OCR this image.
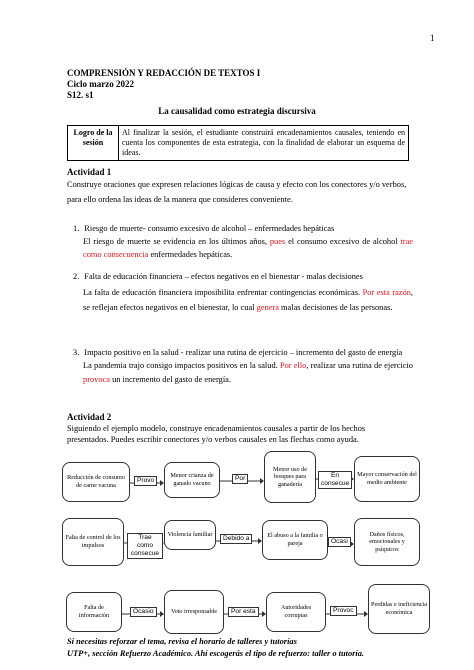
1
COMPRENSIÓN Y REDACCIÓN DE TEXTOS I
Ciclo marzo 2022
S12. s1
La causalidad como estrategia discursiva
Logro de la sesión	Al finalizar la sesión, el estudiante construirá encadenamientos causales, teniendo en cuenta los componentes de esta estrategia, con la finalidad de elaborar un esquema de ideas.
Actividad 1
Construye oraciones que expresen relaciones lógicas de causa y efecto con los conectores y/o verbos,
para ello ordena las ideas de la manera que consideres conveniente.
1. Riesgo de muerte- consumo excesivo de alcohol – enfermedades hepáticas
El riesgo de muerte se evidencia en los últimos años, pues el consumo excesivo de alcohol trae como consecuencia enfermedades hepáticas.
2. Falta de educación financiera – efectos negativos en el bienestar - malas decisiones
La falta de educación financiera imposibilita enfrentar contingencias económicas. Por esta razón, se reflejan efectos negativos en el bienestar, lo cual genera malas decisiones de las personas.
3. Impacto positivo en la salud - realizar una rutina de ejercicio – incremento del gasto de energía
La pandemia trajo consigo impactos positivos en la salud. Por ello, realizar una rutina de ejercicio provoca un incremento del gasto de energía.
Actividad 2
Siguiendo el ejemplo modelo, construye encadenamientos causales a partir de los hechos
presentados. Puedes escribir conectores y/o verbos causales en las flechas como ayuda.
Reducción de consumo de carne vacuna
Menor crianza de ganado vacuno
Menor uso de bosques para ganadería
Mayor conservación del medio ambiente
Provo	Por	En consecue
Falta de control de los impulsos
Violencia familiar	El abuso a la familia o pareja
Daños físicos, emocionales y psíquicos
Trae como consecue
Debido a	Ocasi
Falta de información
Voto irresponsable
Autoridades corruptas
Perdidas e ineficiencia económica
Ocasio	Por esta	Provoc
Si necesitas reforzar el tema, revisa el horario de talleres y tutorías
UTP+, sección Refuerzo Académico. Ahí escogerás el tipo de refuerzo: taller o tutoría.
